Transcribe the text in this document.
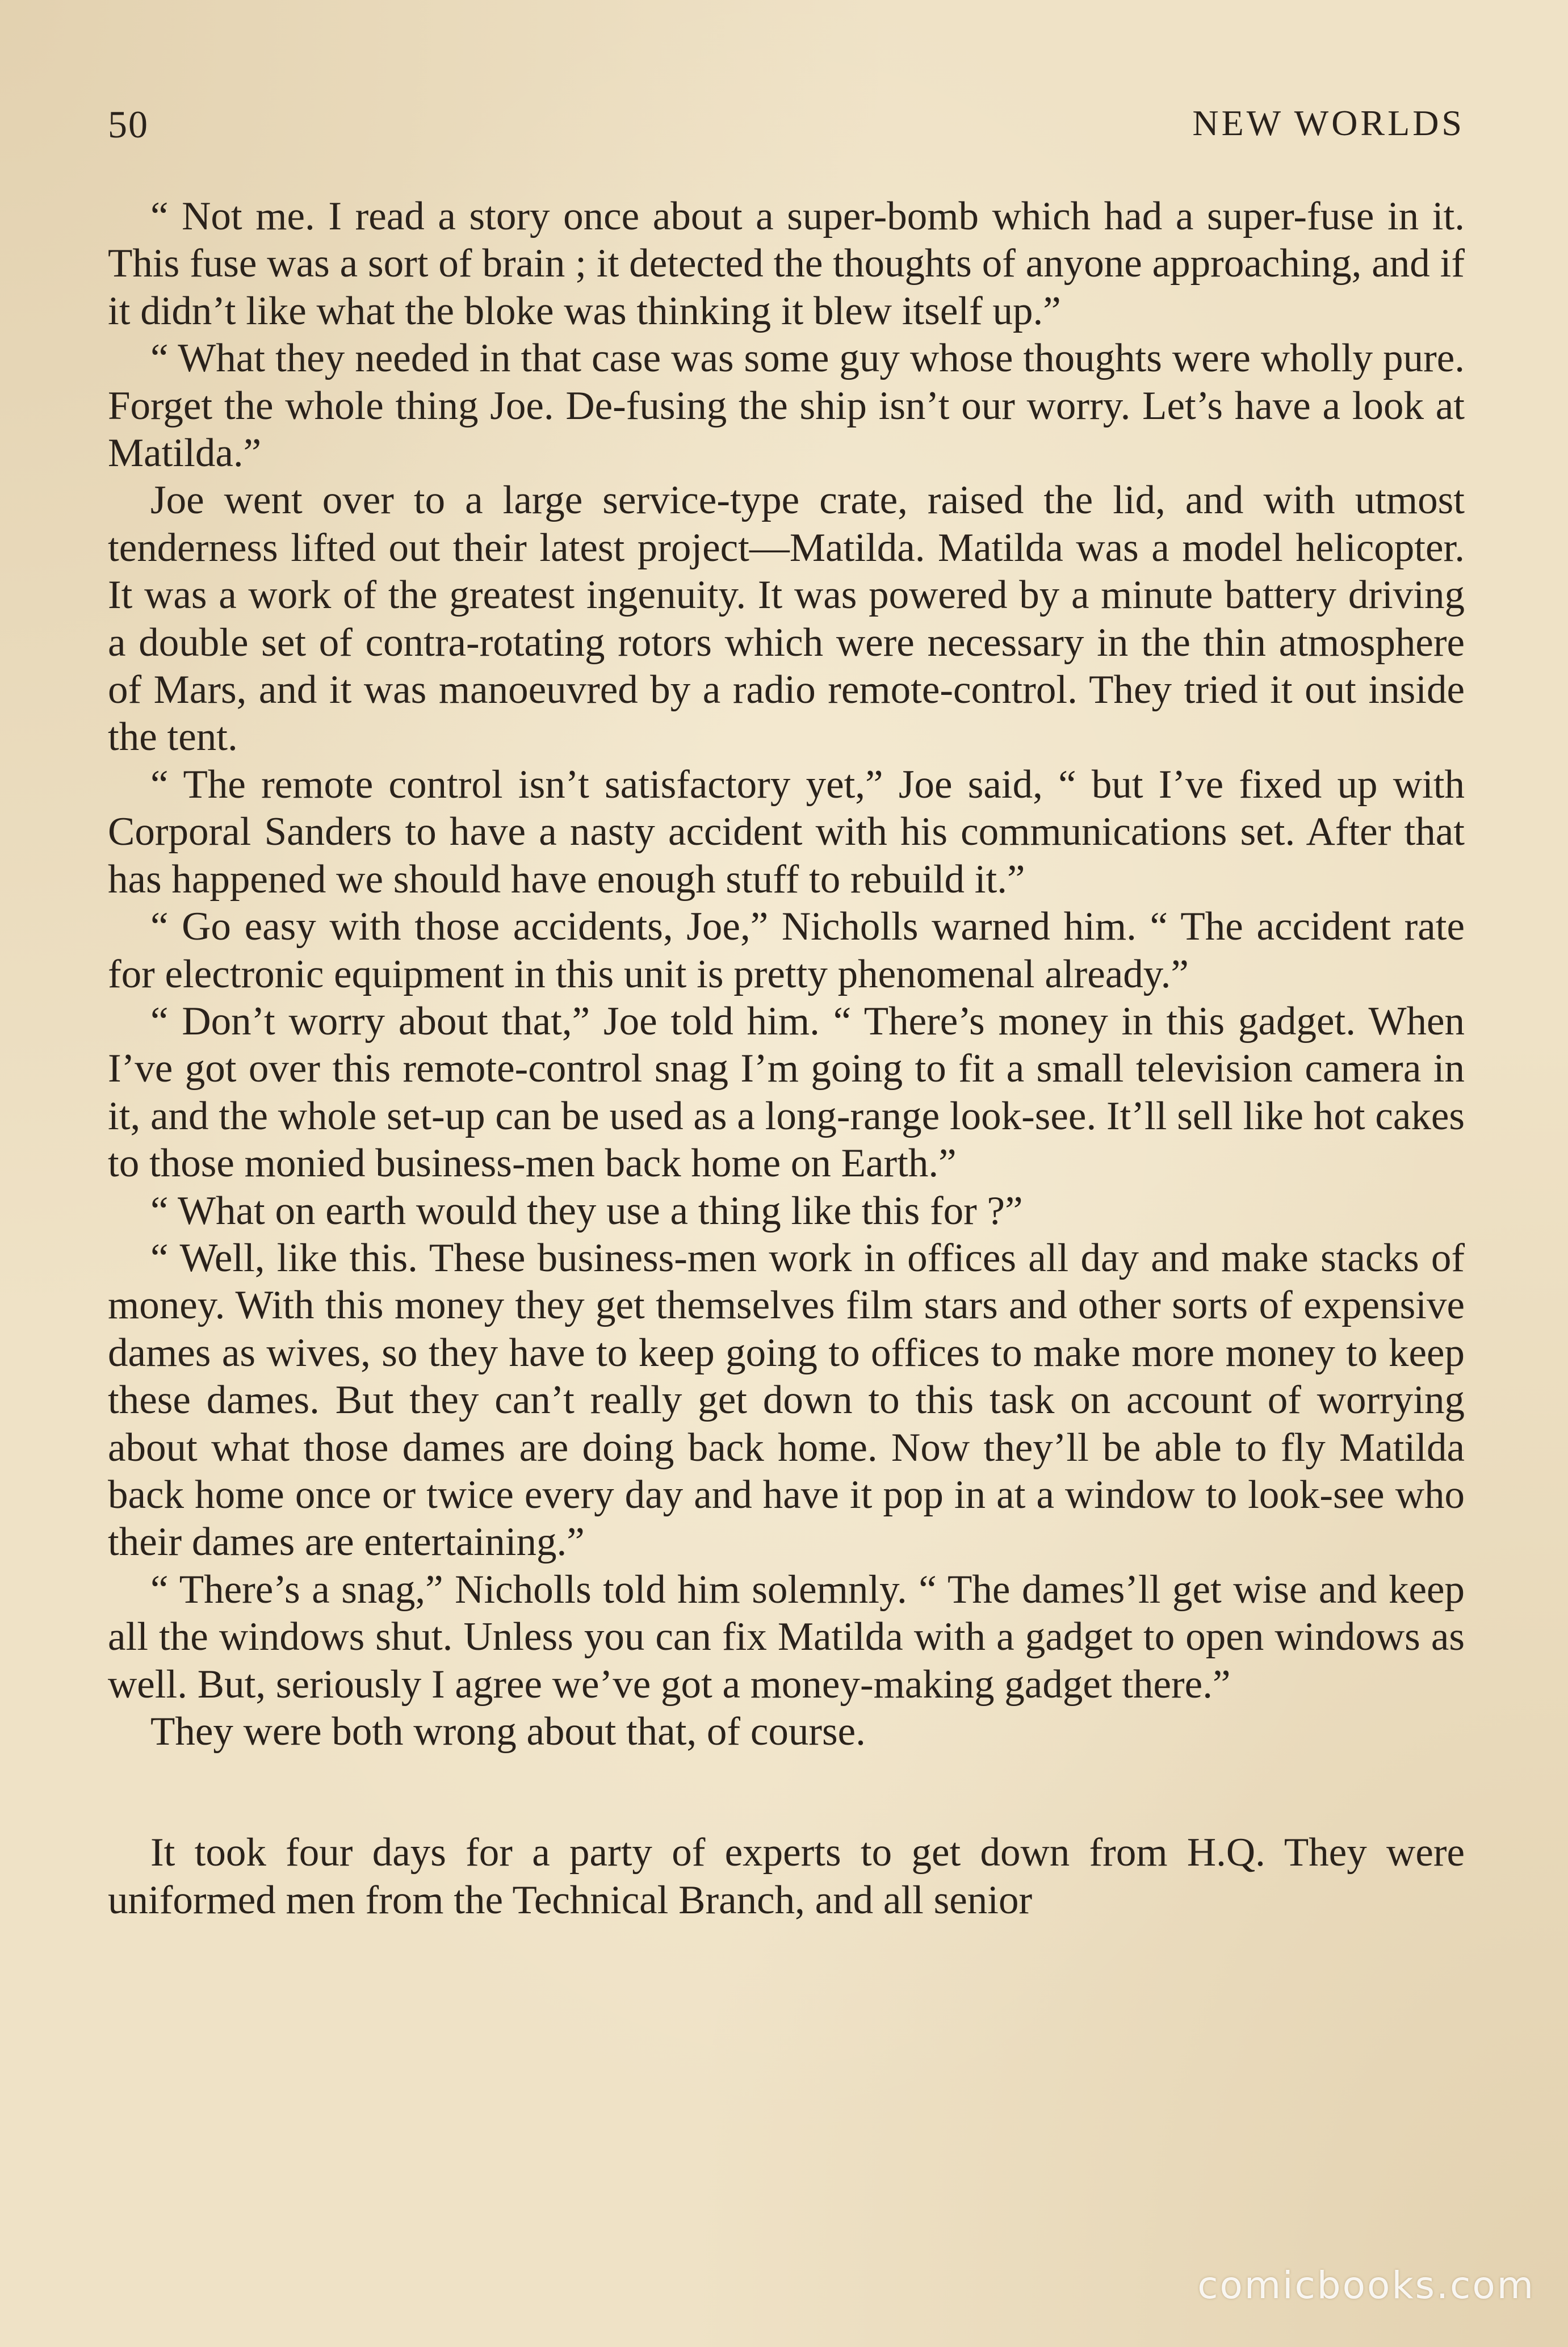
50	NEW WORLDS

“ Not me. I read a story once about a super-bomb which had a super-fuse in it. This fuse was a sort of brain ; it detected the thoughts of anyone approaching, and if it didn’t like what the bloke was thinking it blew itself up.”

“ What they needed in that case was some guy whose thoughts were wholly pure. Forget the whole thing Joe. De-fusing the ship isn’t our worry. Let’s have a look at Matilda.”

Joe went over to a large service-type crate, raised the lid, and with utmost tenderness lifted out their latest project—Matilda. Matilda was a model helicopter. It was a work of the greatest ingenuity. It was powered by a minute battery driving a double set of contra-rotating rotors which were necessary in the thin atmosphere of Mars, and it was manoeuvred by a radio remote-control. They tried it out inside the tent.

“ The remote control isn’t satisfactory yet,” Joe said, “ but I’ve fixed up with Corporal Sanders to have a nasty accident with his communications set. After that has happened we should have enough stuff to rebuild it.”

“ Go easy with those accidents, Joe,” Nicholls warned him. “ The accident rate for electronic equipment in this unit is pretty phenomenal already.”

“ Don’t worry about that,” Joe told him. “ There’s money in this gadget. When I’ve got over this remote-control snag I’m going to fit a small television camera in it, and the whole set-up can be used as a long-range look-see. It’ll sell like hot cakes to those monied business-men back home on Earth.”

“ What on earth would they use a thing like this for ?”

“ Well, like this. These business-men work in offices all day and make stacks of money. With this money they get themselves film stars and other sorts of expensive dames as wives, so they have to keep going to offices to make more money to keep these dames. But they can’t really get down to this task on account of worrying about what those dames are doing back home. Now they’ll be able to fly Matilda back home once or twice every day and have it pop in at a window to look-see who their dames are entertaining.”

“ There’s a snag,” Nicholls told him solemnly. “ The dames’ll get wise and keep all the windows shut. Unless you can fix Matilda with a gadget to open windows as well. But, seriously I agree we’ve got a money-making gadget there.”

They were both wrong about that, of course.

It took four days for a party of experts to get down from H.Q. They were uniformed men from the Technical Branch, and all senior

comicbooks.com
